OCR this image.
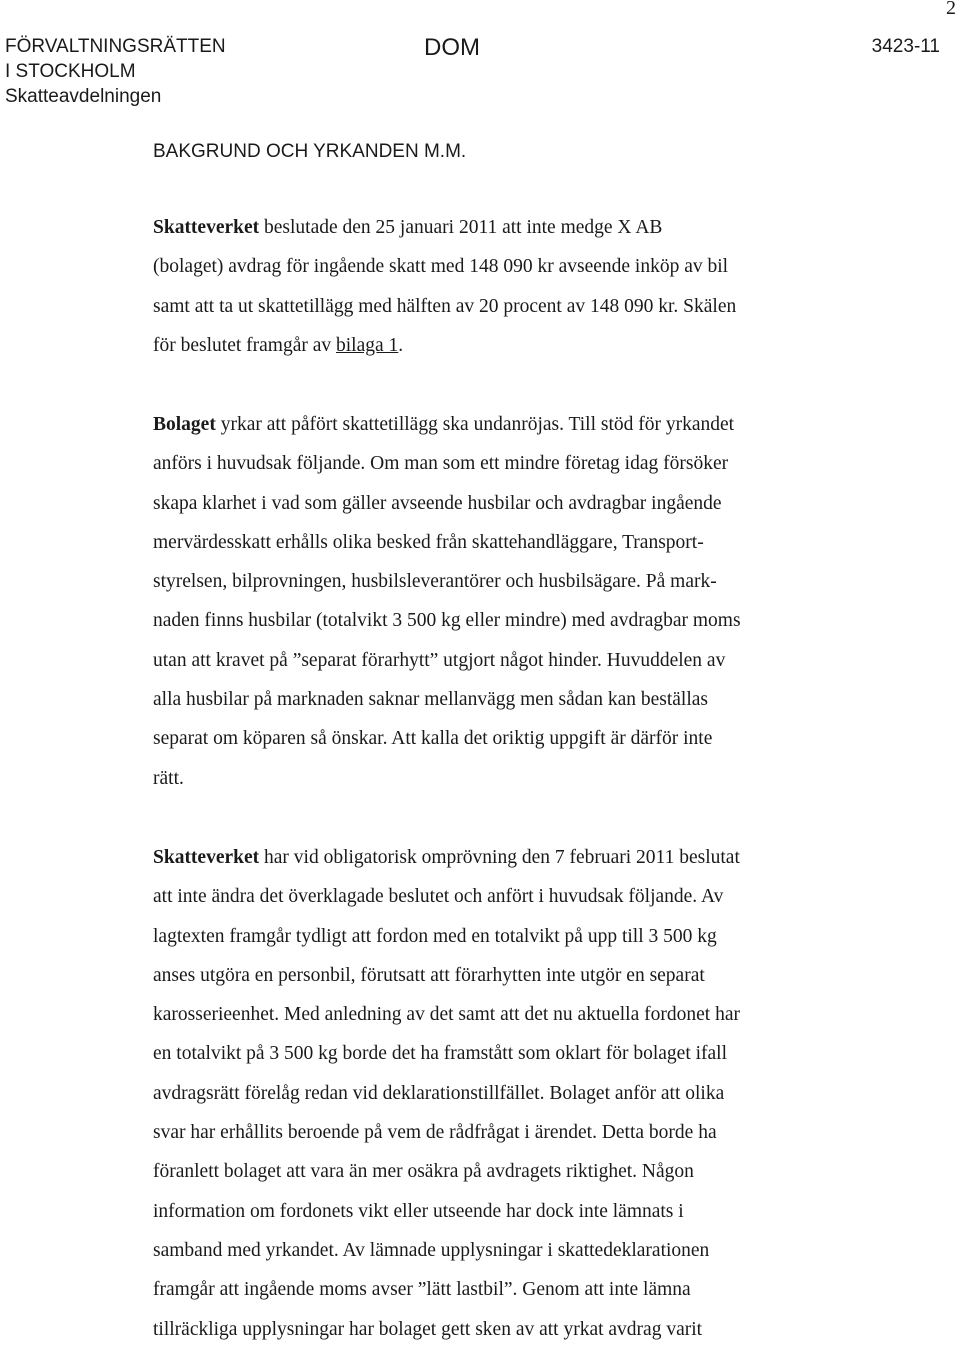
2
FÖRVALTNINGSRÄTTEN
I STOCKHOLM
Skatteavdelningen
DOM	3423-11
BAKGRUND OCH YRKANDEN M.M.
Skatteverket beslutade den 25 januari 2011 att inte medge X AB
(bolaget) avdrag för ingående skatt med 148 090 kr avseende inköp av bil
samt att ta ut skattetillägg med hälften av 20 procent av 148 090 kr. Skälen
för beslutet framgår av bilaga 1.
Bolaget yrkar att påfört skattetillägg ska undanröjas. Till stöd för yrkandet
anförs i huvudsak följande. Om man som ett mindre företag idag försöker
skapa klarhet i vad som gäller avseende husbilar och avdragbar ingående
mervärdesskatt erhålls olika besked från skattehandläggare, Transport-
styrelsen, bilprovningen, husbilsleverantörer och husbilsägare. På mark-
naden finns husbilar (totalvikt 3 500 kg eller mindre) med avdragbar moms
utan att kravet på ”separat förarhytt” utgjort något hinder. Huvuddelen av
alla husbilar på marknaden saknar mellanvägg men sådan kan beställas
separat om köparen så önskar. Att kalla det oriktig uppgift är därför inte
rätt.
Skatteverket har vid obligatorisk omprövning den 7 februari 2011 beslutat
att inte ändra det överklagade beslutet och anfört i huvudsak följande. Av
lagtexten framgår tydligt att fordon med en totalvikt på upp till 3 500 kg
anses utgöra en personbil, förutsatt att förarhytten inte utgör en separat
karosserieenhet. Med anledning av det samt att det nu aktuella fordonet har
en totalvikt på 3 500 kg borde det ha framstått som oklart för bolaget ifall
avdragsrätt förelåg redan vid deklarationstillfället. Bolaget anför att olika
svar har erhållits beroende på vem de rådfrågat i ärendet. Detta borde ha
föranlett bolaget att vara än mer osäkra på avdragets riktighet. Någon
information om fordonets vikt eller utseende har dock inte lämnats i
samband med yrkandet. Av lämnade upplysningar i skattedeklarationen
framgår att ingående moms avser ”lätt lastbil”. Genom att inte lämna
tillräckliga upplysningar har bolaget gett sken av att yrkat avdrag varit
